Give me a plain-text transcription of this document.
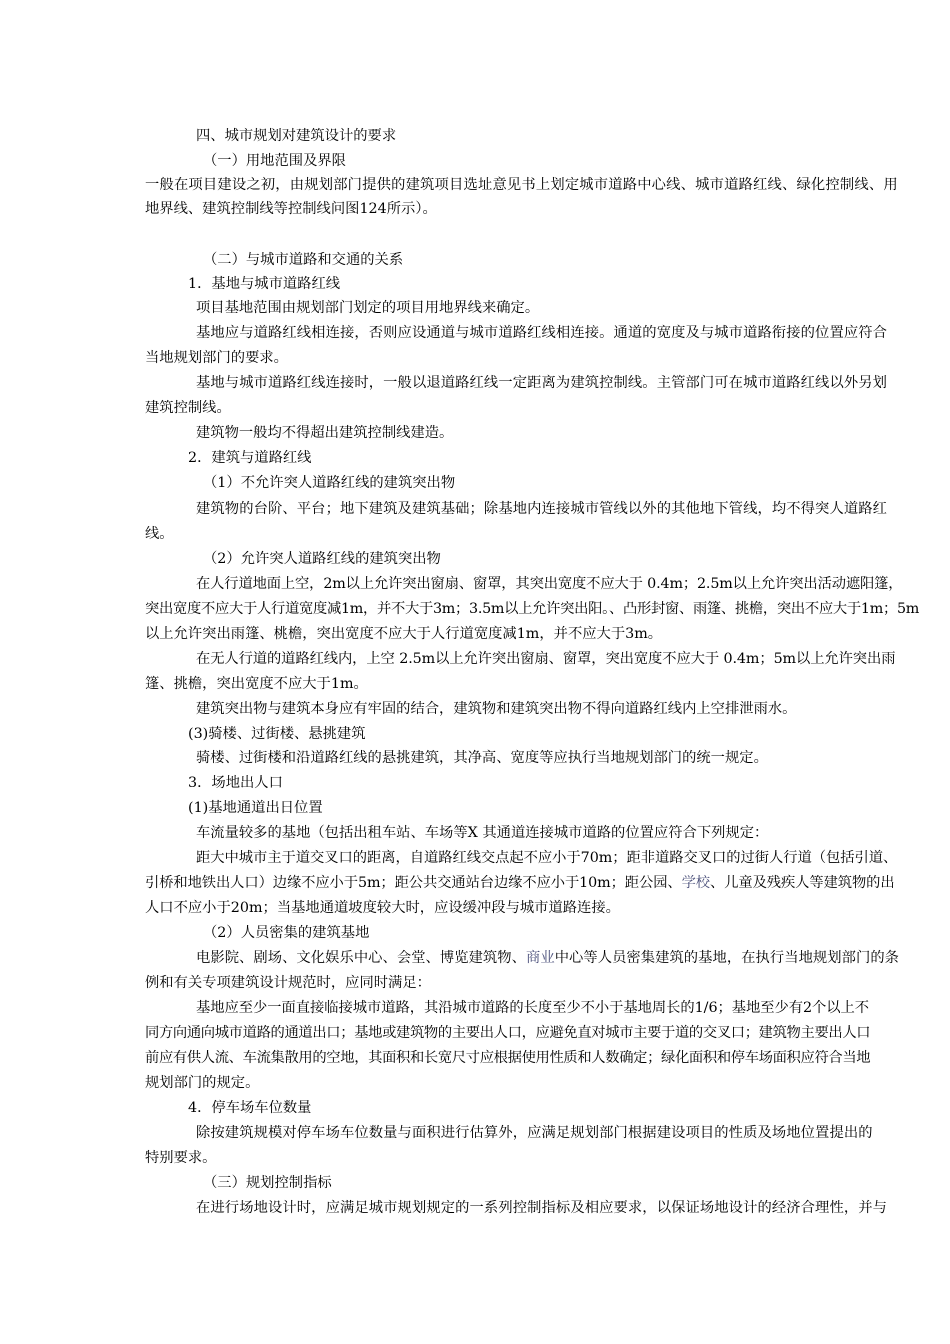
四、城市规划对建筑设计的要求
（一）用地范围及界限
一般在项目建设之初，由规划部门提供的建筑项目选址意见书上划定城市道路中心线、城市道路红线、绿化控制线、用
地界线、建筑控制线等控制线问图124所示）。
（二）与城市道路和交通的关系
1．基地与城市道路红线
项目基地范围由规划部门划定的项目用地界线来确定。
基地应与道路红线相连接，否则应设通道与城市道路红线相连接。通道的宽度及与城市道路衔接的位置应符合
当地规划部门的要求。
基地与城市道路红线连接时，一般以退道路红线一定距离为建筑控制线。主管部门可在城市道路红线以外另划
建筑控制线。
建筑物一般均不得超出建筑控制线建造。
2．建筑与道路红线
（1）不允许突人道路红线的建筑突出物
建筑物的台阶、平台；地下建筑及建筑基础；除基地内连接城市管线以外的其他地下管线，均不得突人道路红
线。
（2）允许突人道路红线的建筑突出物
在人行道地面上空，2m以上允许突出窗扇、窗罩，其突出宽度不应大于 0.4m；2.5m以上允许突出活动遮阳篷，
突出宽度不应大于人行道宽度减1m，并不大于3m；3.5m以上允许突出阳。、凸形封窗、雨篷、挑檐，突出不应大于1m；5m
以上允许突出雨篷、桃檐，突出宽度不应大于人行道宽度减1m，并不应大于3m。
在无人行道的道路红线内，上空 2.5m以上允许突出窗扇、窗罩，突出宽度不应大于 0.4m；5m以上允许突出雨
篷、挑檐，突出宽度不应大于1m。
建筑突出物与建筑本身应有牢固的结合，建筑物和建筑突出物不得向道路红线内上空排泄雨水。
(3)骑楼、过街楼、悬挑建筑
骑楼、过街楼和沿道路红线的悬挑建筑，其净高、宽度等应执行当地规划部门的统一规定。
3．场地出人口
(1)基地通道出日位置
车流量较多的基地（包括出租车站、车场等X 其通道连接城市道路的位置应符合下列规定：
距大中城市主于道交叉口的距离，自道路红线交点起不应小于70m；距非道路交叉口的过街人行道（包括引道、
引桥和地铁出人口）边缘不应小于5m；距公共交通站台边缘不应小于10m；距公园、学校、儿童及残疾人等建筑物的出
人口不应小于20m；当基地通道坡度较大时，应设缓冲段与城市道路连接。
（2）人员密集的建筑基地
电影院、剧场、文化娱乐中心、会堂、博览建筑物、商业中心等人员密集建筑的基地，在执行当地规划部门的条
例和有关专项建筑设计规范时，应同时满足：
基地应至少一面直接临接城市道路，其沿城市道路的长度至少不小于基地周长的1/6；基地至少有2个以上不
同方向通向城市道路的通道出口；基地或建筑物的主要出人口，应避免直对城市主要于道的交叉口；建筑物主要出人口
前应有供人流、车流集散用的空地，其面积和长宽尺寸应根据使用性质和人数确定；绿化面积和停车场面积应符合当地
规划部门的规定。
4．停车场车位数量
除按建筑规模对停车场车位数量与面积进行估算外，应满足规划部门根据建设项目的性质及场地位置提出的
特别要求。
（三）规划控制指标
在进行场地设计时，应满足城市规划规定的一系列控制指标及相应要求，以保证场地设计的经济合理性，并与
